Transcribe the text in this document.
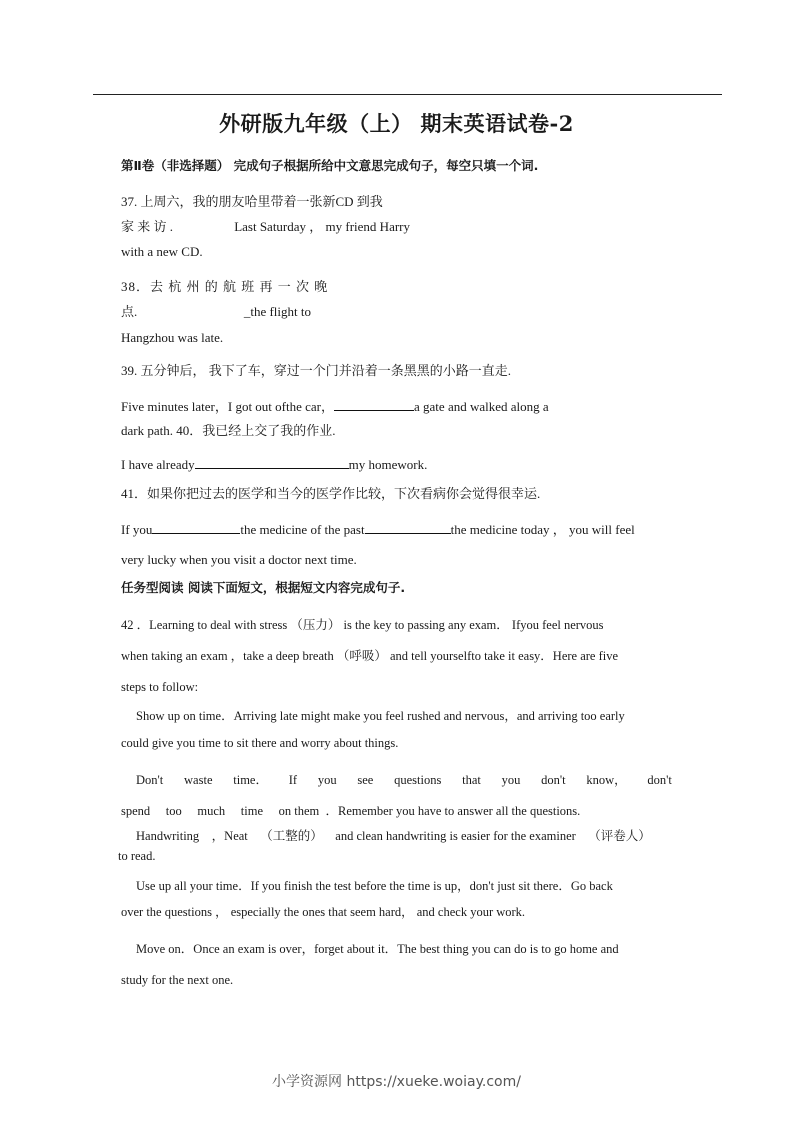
外研版九年级（上） 期末英语试卷-2
第Ⅱ卷（非选择题） 完成句子根据所给中文意思完成句子，每空只填一个词.
37. 上周六，我的朋友哈里带着一张新CD 到我
家 来 访 .	Last Saturday ， my friend Harry
with a new CD.
38．去 杭 州 的 航 班 再 一 次 晚
点.	_the flight to
Hangzhou was late.
39. 五分钟后， 我下了车，穿过一个门并沿着一条黑黑的小路一直走.
Five minutes later，I got out ofthe car，	a gate and walked along a
dark path. 40．我已经上交了我的作业.
I have already	my homework.
41．如果你把过去的医学和当今的医学作比较，下次看病你会觉得很幸运.
If you	the medicine of the past	the medicine today ， you will feel
very lucky when you visit a doctor next time.
任务型阅读 阅读下面短文，根据短文内容完成句子.
42 ．Learning to deal with stress （压力） is the key to passing any exam． Ifyou feel nervous
when taking an exam ，take a deep breath （呼吸） and tell yourselfto take it easy．Here are five
steps to follow:
Show up on time．Arriving late might make you feel rushed and nervous，and arriving too early
could give you time to sit there and worry about things.
Don't waste time． If you see questions that you don't know， don't
spend     too     much     time     on them  ．Remember you have to answer all the questions.
Handwriting    ，Neat    （工整的）    and clean handwriting is easier for the examiner    （评卷人）
to read.
Use up all your time．If you finish the test before the time is up，don't just sit there．Go back
over the questions ， especially the ones that seem hard， and check your work.
Move on．Once an exam is over，forget about it．The best thing you can do is to go home and
study for the next one.
小学资源网 https://xueke.woiay.com/
